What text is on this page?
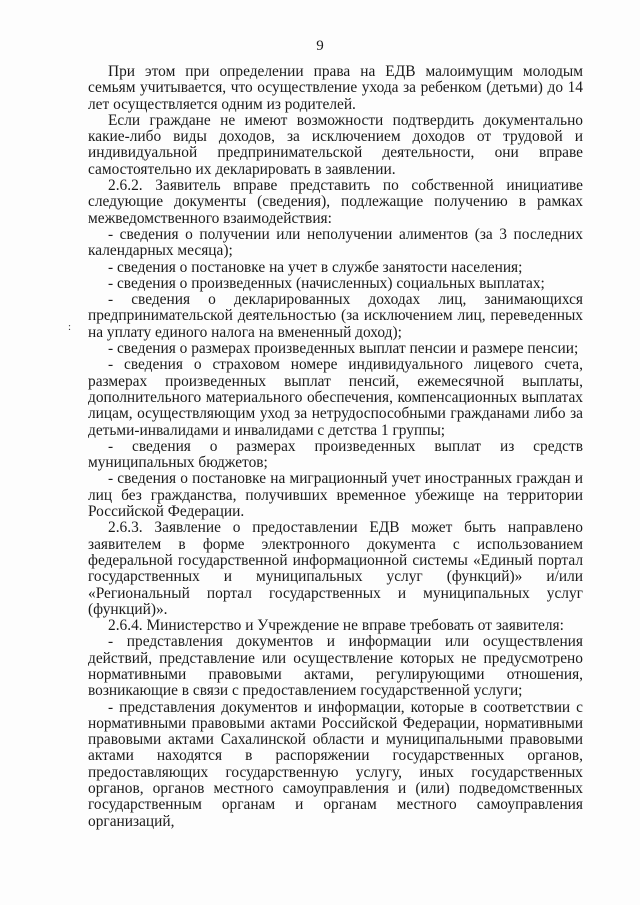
9
:

При этом при определении права на ЕДВ малоимущим молодым семьям учитывается, что осуществление ухода за ребенком (детьми) до 14 лет осуществляется одним из родителей.

Если граждане не имеют возможности подтвердить документально какие-либо виды доходов, за исключением доходов от трудовой и индивидуальной предпринимательской деятельности, они вправе самостоятельно их декларировать в заявлении.

2.6.2. Заявитель вправе представить по собственной инициативе следующие документы (сведения), подлежащие получению в рамках межведомственного взаимодействия:

- сведения о получении или неполучении алиментов (за 3 последних календарных месяца);

- сведения о постановке на учет в службе занятости населения;

- сведения о произведенных (начисленных) социальных выплатах;

- сведения о декларированных доходах лиц, занимающихся предпринимательской деятельностью (за исключением лиц, переведенных на уплату единого налога на вмененный доход);

- сведения о размерах произведенных выплат пенсии и размере пенсии;

- сведения о страховом номере индивидуального лицевого счета, размерах произведенных выплат пенсий, ежемесячной выплаты, дополнительного материального обеспечения, компенсационных выплатах лицам, осуществляющим уход за нетрудоспособными гражданами либо за детьми-инвалидами и инвалидами с детства 1 группы;

- сведения о размерах произведенных выплат из средств муниципальных бюджетов;

- сведения о постановке на миграционный учет иностранных граждан и лиц без гражданства, получивших временное убежище на территории Российской Федерации.

2.6.3. Заявление о предоставлении ЕДВ может быть направлено заявителем в форме электронного документа с использованием федеральной государственной информационной системы «Единый портал государственных и муниципальных услуг (функций)» и/или «Региональный портал государственных и муниципальных услуг (функций)».

2.6.4. Министерство и Учреждение не вправе требовать от заявителя:

- представления документов и информации или осуществления действий, представление или осуществление которых не предусмотрено нормативными правовыми актами, регулирующими отношения, возникающие в связи с предоставлением государственной услуги;

- представления документов и информации, которые в соответствии с нормативными правовыми актами Российской Федерации, нормативными правовыми актами Сахалинской области и муниципальными правовыми актами находятся в распоряжении государственных органов, предоставляющих государственную услугу, иных государственных органов, органов местного самоуправления и (или) подведомственных государственным органам и органам местного самоуправления организаций,
